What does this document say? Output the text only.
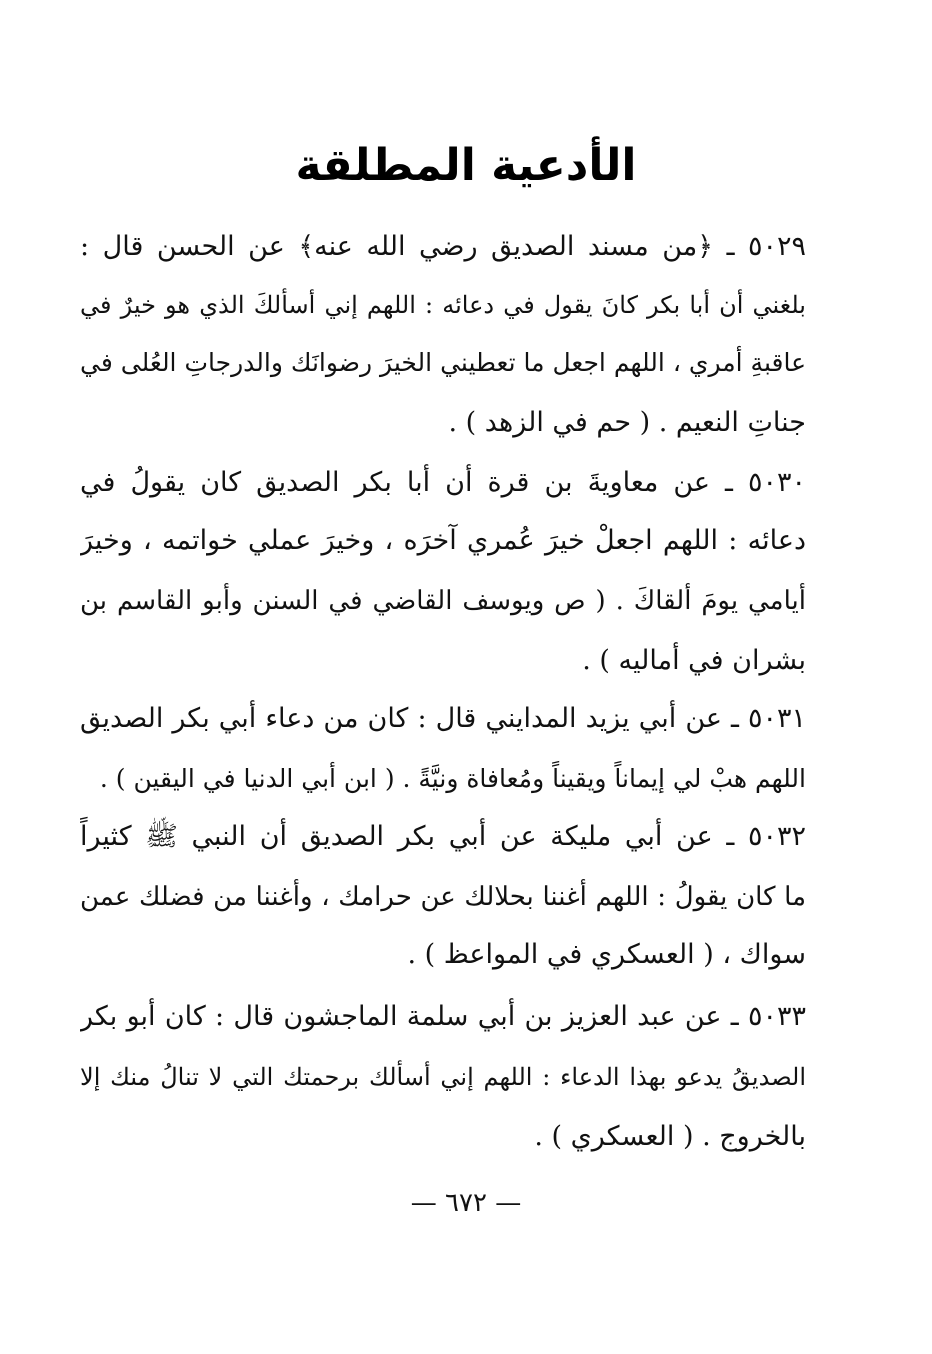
الأدعية المطلقة
٥٠٢٩ ـ ﴿من مسند الصديق رضي الله عنه﴾ عن الحسن قال :
بلغني أن أبا بكر كانَ يقول في دعائه : اللهم إني أسألكَ الذي هو خيرٌ في
عاقبةِ أمري ، اللهم اجعل ما تعطيني الخيرَ رضوانَك والدرجاتِ العُلى في
جناتِ النعيم . ( حم في الزهد ) .
٥٠٣٠ ـ عن معاويةَ بن قرة أن أبا بكر الصديق كان يقولُ في
دعائه : اللهم اجعلْ خيرَ عُمري آخرَه ، وخيرَ عملي خواتمه ، وخيرَ
أيامي يومَ ألقاكَ . ( ص ويوسف القاضي في السنن وأبو القاسم بن
بشران في أماليه ) .
٥٠٣١ ـ عن أبي يزيد المدايني قال : كان من دعاء أبي بكر الصديق
اللهم هبْ لي إيماناً ويقيناً ومُعافاة ونيَّةً . ( ابن أبي الدنيا في اليقين ) .
٥٠٣٢ ـ عن أبي مليكة عن أبي بكر الصديق أن النبي ﷺ كثيراً
ما كان يقولُ : اللهم أغننا بحلالك عن حرامك ، وأغننا من فضلك عمن
سواك ، ( العسكري في المواعظ ) .
٥٠٣٣ ـ عن عبد العزيز بن أبي سلمة الماجشون قال : كان أبو بكر
الصديقُ يدعو بهذا الدعاء : اللهم إني أسألك برحمتك التي لا تنالُ منك إلا
بالخروج . ( العسكري ) .
— ٦٧٢ —
